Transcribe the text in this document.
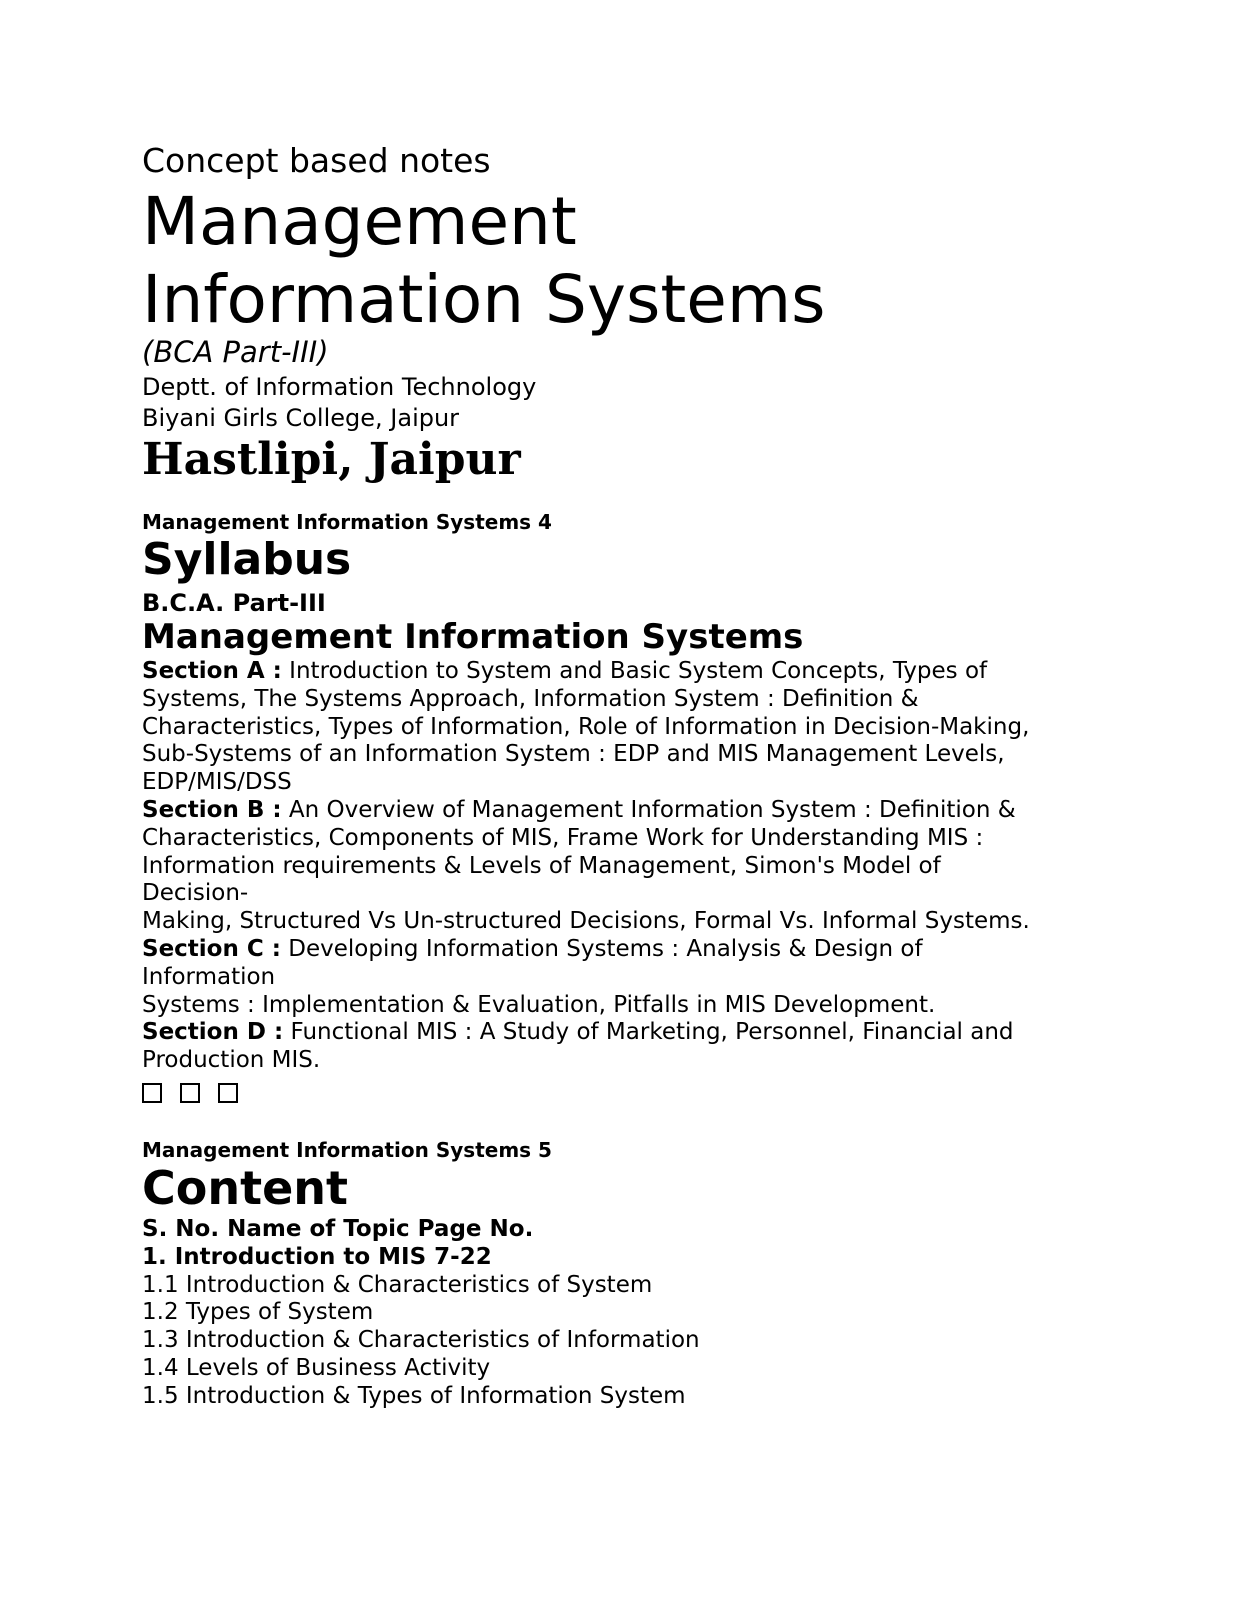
Concept based notes

Management

Information Systems

(BCA Part-III)

Deptt. of Information Technology

Biyani Girls College, Jaipur

Hastlipi, Jaipur

Management Information Systems 4

Syllabus

B.C.A. Part-III

Management Information Systems

Section A : Introduction to System and Basic System Concepts, Types of
Systems, The Systems Approach, Information System : Definition &
Characteristics, Types of Information, Role of Information in Decision-Making,
Sub-Systems of an Information System : EDP and MIS Management Levels,
EDP/MIS/DSS
Section B : An Overview of Management Information System : Definition &
Characteristics, Components of MIS, Frame Work for Understanding MIS :
Information requirements & Levels of Management, Simon's Model of
Decision-
Making, Structured Vs Un-structured Decisions, Formal Vs. Informal Systems.
Section C : Developing Information Systems : Analysis & Design of
Information
Systems : Implementation & Evaluation, Pitfalls in MIS Development.
Section D : Functional MIS : A Study of Marketing, Personnel, Financial and
Production MIS.

Management Information Systems 5

Content

S. No. Name of Topic Page No.
1. Introduction to MIS 7-22
1.1 Introduction & Characteristics of System
1.2 Types of System
1.3 Introduction & Characteristics of Information
1.4 Levels of Business Activity
1.5 Introduction & Types of Information System
